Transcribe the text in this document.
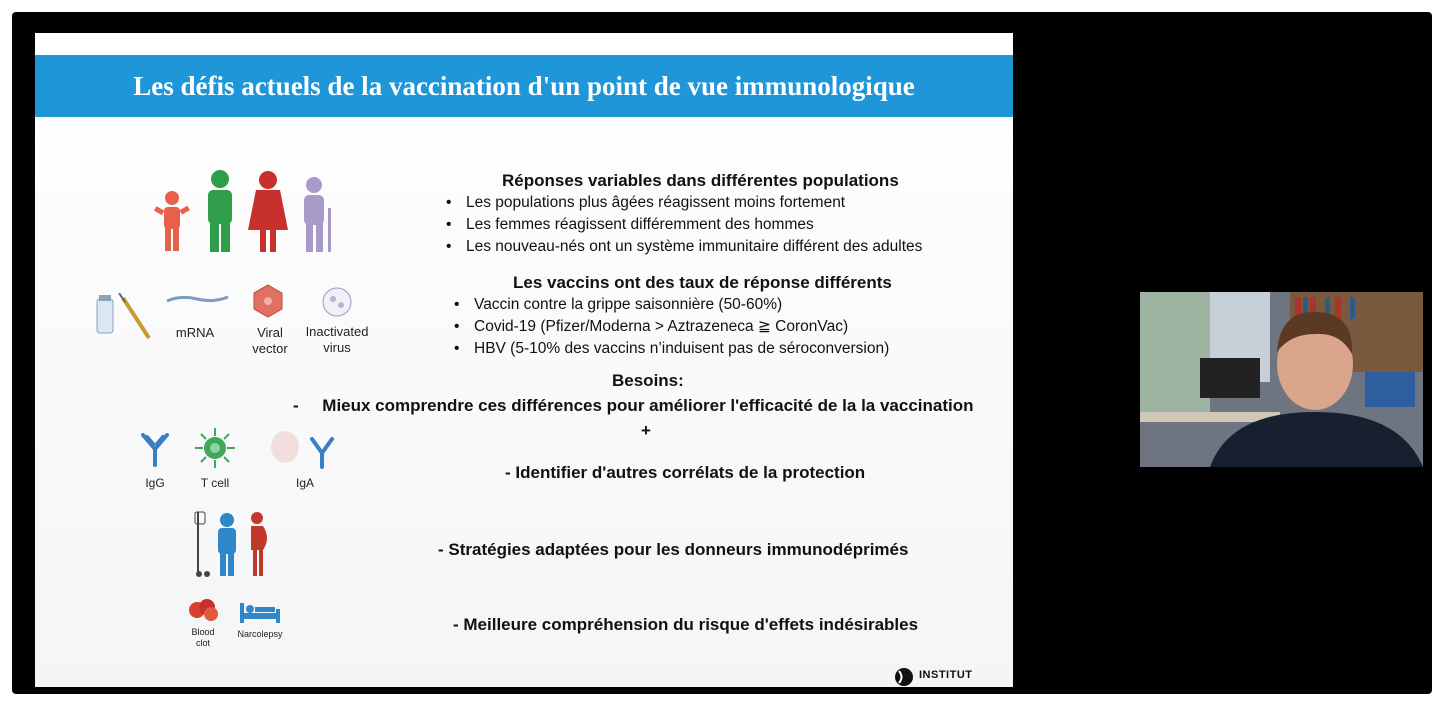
Les défis actuels de la vaccination d'un point de vue immunologique
mRNA	Viral
vector
Inactivated
virus
IgG	T cell	IgA
Blood
clot
Narcolepsy
Réponses variables dans différentes populations
• Les populations plus âgées réagissent moins fortement
• Les femmes réagissent différemment des hommes
• Les nouveau-nés ont un système immunitaire différent des adultes
Les vaccins ont des taux de réponse différents
• Vaccin contre la grippe saisonnière (50-60%)
• Covid-19 (Pfizer/Moderna > Aztrazeneca ≧ CoronVac)
• HBV (5-10% des vaccins n’induisent pas de séroconversion)
Besoins:
-     Mieux comprendre ces différences pour améliorer l'efficacité de la la vaccination
+
- Identifier d'autres corrélats de la protection
- Stratégies adaptées pour les donneurs immunodéprimés
- Meilleure compréhension du risque d'effets indésirables
INSTITUT
